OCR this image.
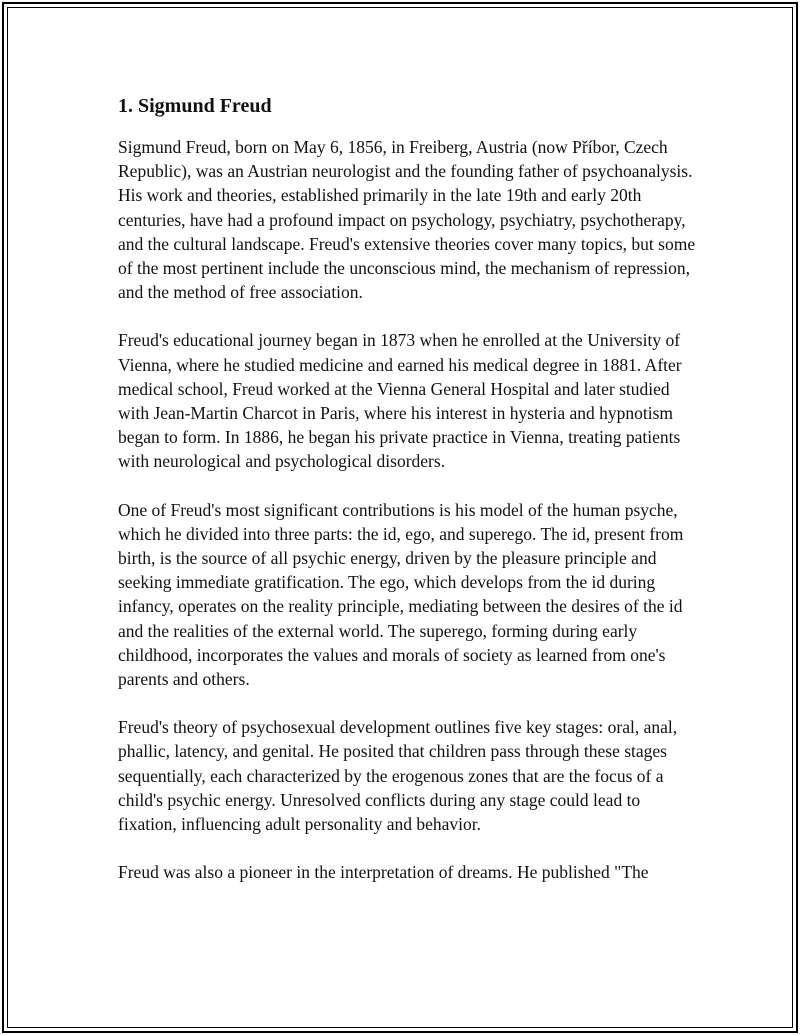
1. Sigmund Freud

Sigmund Freud, born on May 6, 1856, in Freiberg, Austria (now Příbor, Czech Republic), was an Austrian neurologist and the founding father of psychoanalysis. His work and theories, established primarily in the late 19th and early 20th centuries, have had a profound impact on psychology, psychiatry, psychotherapy, and the cultural landscape. Freud's extensive theories cover many topics, but some of the most pertinent include the unconscious mind, the mechanism of repression, and the method of free association.

Freud's educational journey began in 1873 when he enrolled at the University of Vienna, where he studied medicine and earned his medical degree in 1881. After medical school, Freud worked at the Vienna General Hospital and later studied with Jean-Martin Charcot in Paris, where his interest in hysteria and hypnotism began to form. In 1886, he began his private practice in Vienna, treating patients with neurological and psychological disorders.

One of Freud's most significant contributions is his model of the human psyche, which he divided into three parts: the id, ego, and superego. The id, present from birth, is the source of all psychic energy, driven by the pleasure principle and seeking immediate gratification. The ego, which develops from the id during infancy, operates on the reality principle, mediating between the desires of the id and the realities of the external world. The superego, forming during early childhood, incorporates the values and morals of society as learned from one's parents and others.

Freud's theory of psychosexual development outlines five key stages: oral, anal, phallic, latency, and genital. He posited that children pass through these stages sequentially, each characterized by the erogenous zones that are the focus of a child's psychic energy. Unresolved conflicts during any stage could lead to fixation, influencing adult personality and behavior.

Freud was also a pioneer in the interpretation of dreams. He published "The
